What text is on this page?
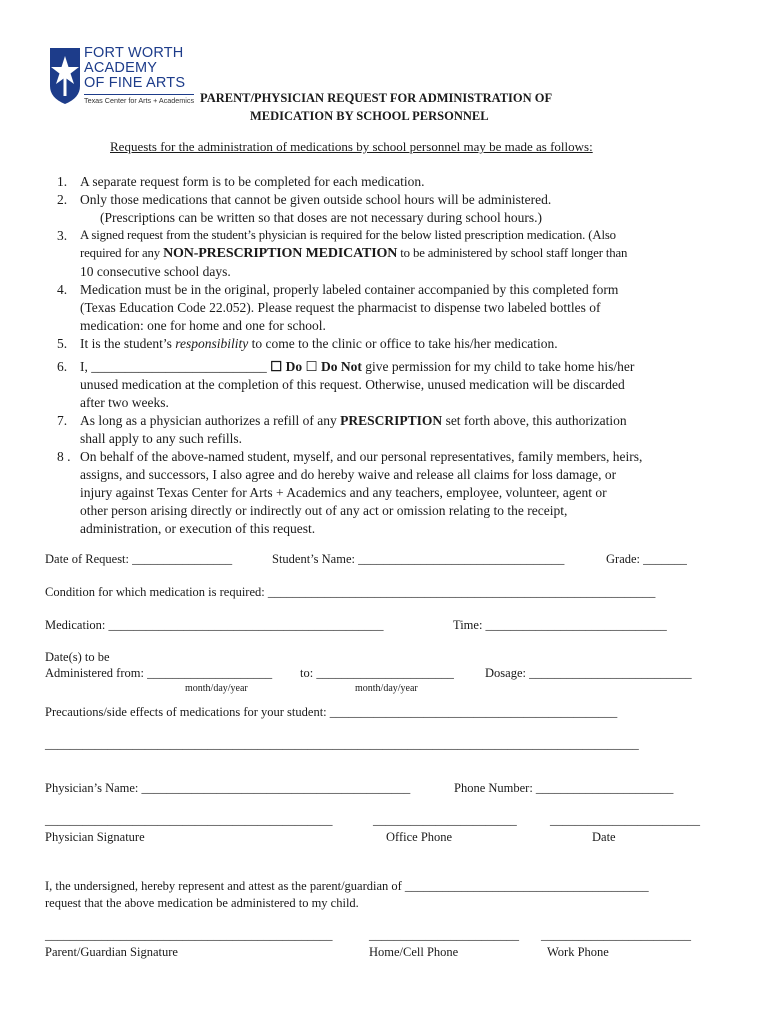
FORT WORTH
ACADEMY
OF FINE ARTS
Texas Center for Arts + Academics PARENT/PHYSICIAN REQUEST FOR ADMINISTRATION OF
MEDICATION BY SCHOOL PERSONNEL
Requests for the administration of medications by school personnel may be made as follows:
1. A separate request form is to be completed for each medication.
2. Only those medications that cannot be given outside school hours will be administered.
(Prescriptions can be written so that doses are not necessary during school hours.)
3. A signed request from the student’s physician is required for the below listed prescription medication. (Also
required for any NON-PRESCRIPTION MEDICATION to be administered by school staff longer than
10 consecutive school days.
4. Medication must be in the original, properly labeled container accompanied by this completed form
(Texas Education Code 22.052). Please request the pharmacist to dispense two labeled bottles of
medication: one for home and one for school.
5. It is the student’s responsibility to come to the clinic or office to take his/her medication.
6. I, __________________________ ☐ Do ☐ Do Not give permission for my child to take home his/her
unused medication at the completion of this request. Otherwise, unused medication will be discarded
after two weeks.
7. As long as a physician authorizes a refill of any PRESCRIPTION set forth above, this authorization
shall apply to any such refills.
8 . On behalf of the above-named student, myself, and our personal representatives, family members, heirs,
assigns, and successors, I also agree and do hereby waive and release all claims for loss damage, or
injury against Texas Center for Arts + Academics and any teachers, employee, volunteer, agent or
other person arising directly or indirectly out of any act or omission relating to the receipt,
administration, or execution of this request.
Date of Request: ________________	Student’s Name: _________________________________	Grade: _______
Condition for which medication is required: ______________________________________________________________
Medication: ____________________________________________	Time: _____________________________
Date(s) to be
Administered from: ____________________ to: ______________________ Dosage: __________________________
month/day/year	month/day/year
Precautions/side effects of medications for your student: ______________________________________________
_______________________________________________________________________________________________
Physician’s Name: ___________________________________________	Phone Number: ______________________
______________________________________________	_______________________	________________________
Physician Signature	Office Phone	Date
I, the undersigned, hereby represent and attest as the parent/guardian of _______________________________________
request that the above medication be administered to my child.
______________________________________________	________________________ ________________________
Parent/Guardian Signature	Home/Cell Phone	Work Phone
